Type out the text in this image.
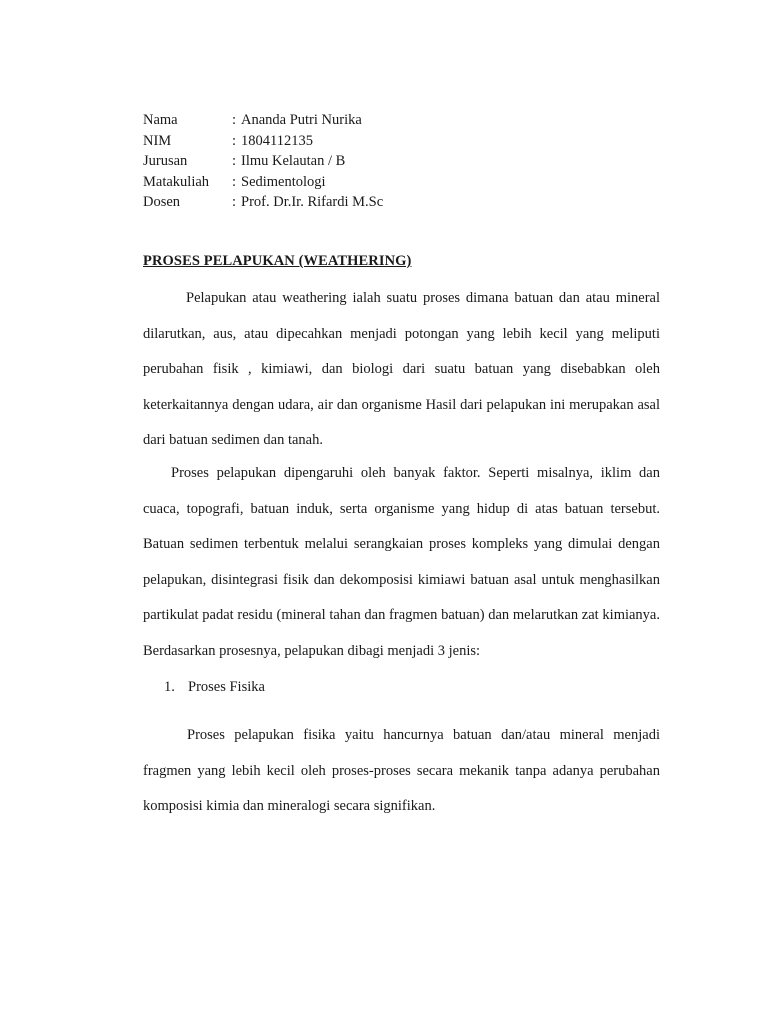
Nama	: Ananda Putri Nurika
NIM	: 1804112135
Jurusan	: Ilmu Kelautan / B
Matakuliah : Sedimentologi
Dosen	: Prof. Dr.Ir. Rifardi M.Sc
PROSES PELAPUKAN (WEATHERING)

Pelapukan atau weathering ialah suatu proses dimana batuan dan atau mineral dilarutkan, aus, atau dipecahkan menjadi potongan yang lebih kecil yang meliputi perubahan fisik , kimiawi, dan biologi dari suatu batuan yang disebabkan oleh keterkaitannya dengan udara, air dan organisme Hasil dari pelapukan ini merupakan asal dari batuan sedimen dan tanah.

Proses pelapukan dipengaruhi oleh banyak faktor. Seperti misalnya, iklim dan cuaca, topografi, batuan induk, serta organisme yang hidup di atas batuan tersebut. Batuan sedimen terbentuk melalui serangkaian proses kompleks yang dimulai dengan pelapukan, disintegrasi fisik dan dekomposisi kimiawi batuan asal untuk menghasilkan partikulat padat residu (mineral tahan dan fragmen batuan) dan melarutkan zat kimianya. Berdasarkan prosesnya, pelapukan dibagi menjadi 3 jenis:

1. Proses Fisika

Proses pelapukan fisika yaitu hancurnya batuan dan/atau mineral menjadi fragmen yang lebih kecil oleh proses-proses secara mekanik tanpa adanya perubahan komposisi kimia dan mineralogi secara signifikan.
